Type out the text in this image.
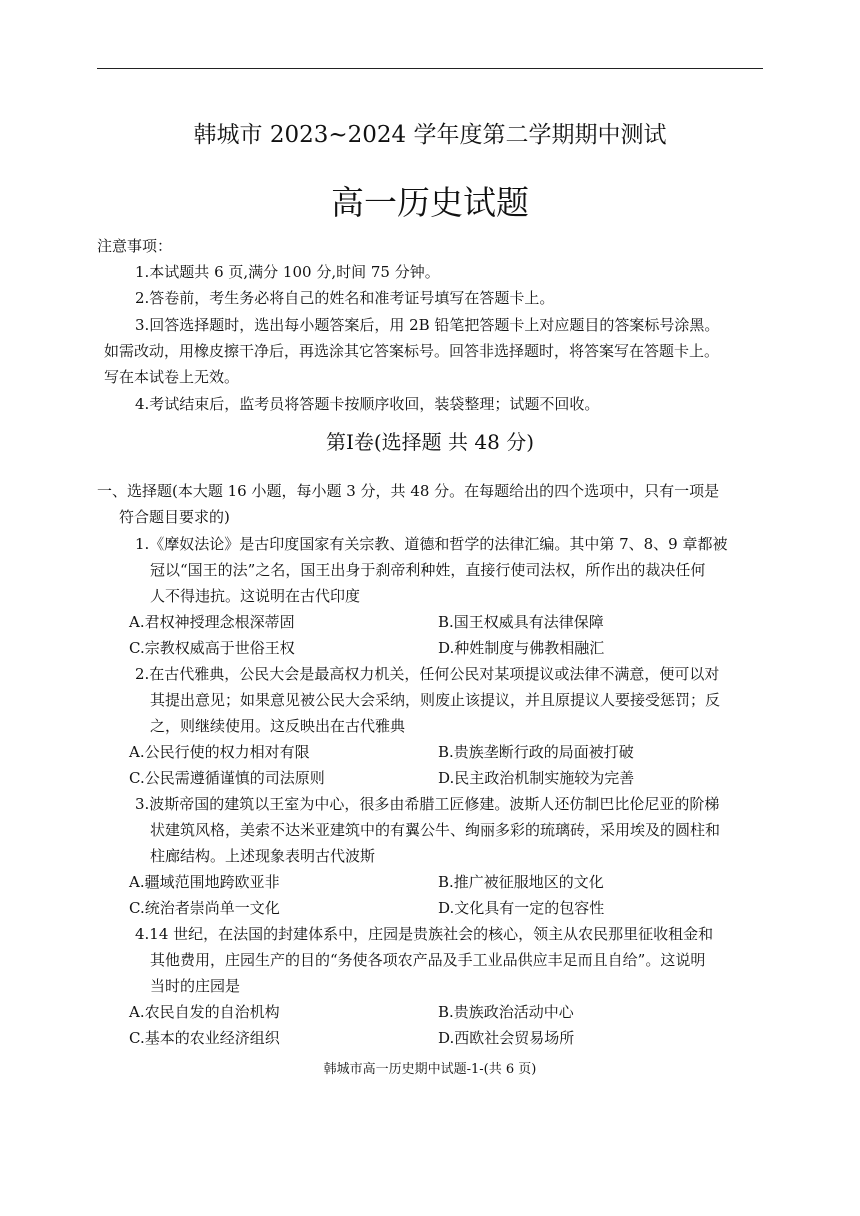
韩城市 2023~2024 学年度第二学期期中测试
高一历史试题
注意事项：
1.本试题共 6 页,满分 100 分,时间 75 分钟。
2.答卷前，考生务必将自己的姓名和准考证号填写在答题卡上。
3.回答选择题时，选出每小题答案后，用 2B 铅笔把答题卡上对应题目的答案标号涂黑。
如需改动，用橡皮擦干净后，再选涂其它答案标号。回答非选择题时，将答案写在答题卡上。
写在本试卷上无效。
4.考试结束后，监考员将答题卡按顺序收回，装袋整理；试题不回收。
第Ⅰ卷(选择题 共 48 分)
一、选择题(本大题 16 小题，每小题 3 分，共 48 分。在每题给出的四个选项中，只有一项是
符合题目要求的)
1.《摩奴法论》是古印度国家有关宗教、道德和哲学的法律汇编。其中第 7、8、9 章都被
冠以“国王的法”之名，国王出身于刹帝利种姓，直接行使司法权，所作出的裁决任何
人不得违抗。这说明在古代印度
A.君权神授理念根深蒂固	B.国王权威具有法律保障
C.宗教权威高于世俗王权	D.种姓制度与佛教相融汇
2.在古代雅典，公民大会是最高权力机关，任何公民对某项提议或法律不满意，便可以对
其提出意见；如果意见被公民大会采纳，则废止该提议，并且原提议人要接受惩罚；反
之，则继续使用。这反映出在古代雅典
A.公民行使的权力相对有限	B.贵族垄断行政的局面被打破
C.公民需遵循谨慎的司法原则	D.民主政治机制实施较为完善
3.波斯帝国的建筑以王室为中心，很多由希腊工匠修建。波斯人还仿制巴比伦尼亚的阶梯
状建筑风格，美索不达米亚建筑中的有翼公牛、绚丽多彩的琉璃砖，采用埃及的圆柱和
柱廊结构。上述现象表明古代波斯
A.疆域范围地跨欧亚非	B.推广被征服地区的文化
C.统治者崇尚单一文化	D.文化具有一定的包容性
4.14 世纪，在法国的封建体系中，庄园是贵族社会的核心，领主从农民那里征收租金和
其他费用，庄园生产的目的“务使各项农产品及手工业品供应丰足而且自给”。这说明
当时的庄园是
A.农民自发的自治机构	B.贵族政治活动中心
C.基本的农业经济组织	D.西欧社会贸易场所
韩城市高一历史期中试题-1-(共 6 页)
